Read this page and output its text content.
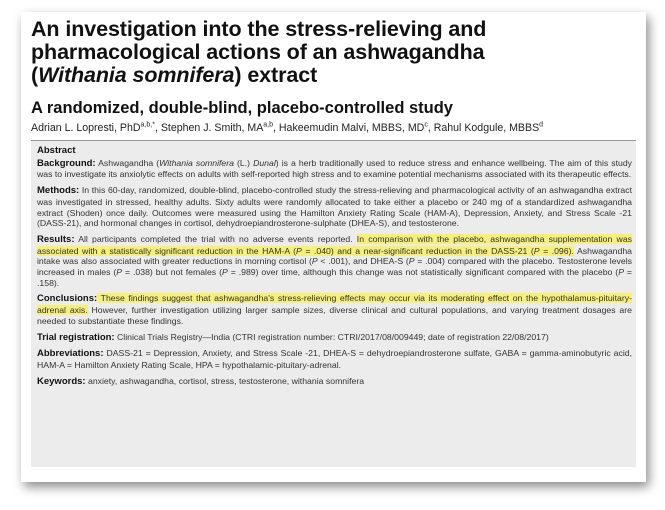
An investigation into the stress-relieving and
pharmacological actions of an ashwagandha
(Withania somnifera) extract
A randomized, double-blind, placebo-controlled study
Adrian L. Lopresti, PhD$^{a,b,*}$, Stephen J. Smith, MA$^{a,b}$, Hakeemudin Malvi, MBBS, $MD^c$, Rahul Kodgule, MBBS$^d$
Abstract

Background: Ashwagandha (Withania somnifera (L.) Dunal) is a herb traditionally used to reduce stress and enhance wellbeing. The aim of this study was to investigate its anxiolytic effects on adults with self-reported high stress and to examine potential mechanisms associated with its therapeutic effects.

Methods: In this 60-day, randomized, double-blind, placebo-controlled study the stress-relieving and pharmacological activity of an ashwagandha extract was investigated in stressed, healthy adults. Sixty adults were randomly allocated to take either a placebo or 240 mg of a standardized ashwagandha extract (Shoden) once daily. Outcomes were measured using the Hamilton Anxiety Rating Scale (HAM-A), Depression, Anxiety, and Stress Scale -21 (DASS-21), and hormonal changes in cortisol, dehydroepiandrosterone-sulphate (DHEA-S), and testosterone.

Results: All participants completed the trial with no adverse events reported. In comparison with the placebo, ashwagandha supplementation was associated with a statistically significant reduction in the HAM-A (P = .040) and a near-significant reduction in the DASS-21 (P = .096). Ashwagandha intake was also associated with greater reductions in morning cortisol (P < .001), and DHEA-S (P = .004) compared with the placebo. Testosterone levels increased in males (P = .038) but not females (P = .989) over time, although this change was not statistically significant compared with the placebo (P = .158).

Conclusions: These findings suggest that ashwagandha's stress-relieving effects may occur via its moderating effect on the hypothalamus-pituitary-adrenal axis. However, further investigation utilizing larger sample sizes, diverse clinical and cultural populations, and varying treatment dosages are needed to substantiate these findings.

Trial registration: Clinical Trials Registry—India (CTRI registration number: CTRI/2017/08/009449; date of registration 22/08/2017)

Abbreviations: DASS-21 = Depression, Anxiety, and Stress Scale -21, DHEA-S = dehydroepiandrosterone sulfate, GABA = gamma-aminobutyric acid, HAM-A = Hamilton Anxiety Rating Scale, HPA = hypothalamic-pituitary-adrenal.

Keywords: anxiety, ashwagandha, cortisol, stress, testosterone, withania somnifera
